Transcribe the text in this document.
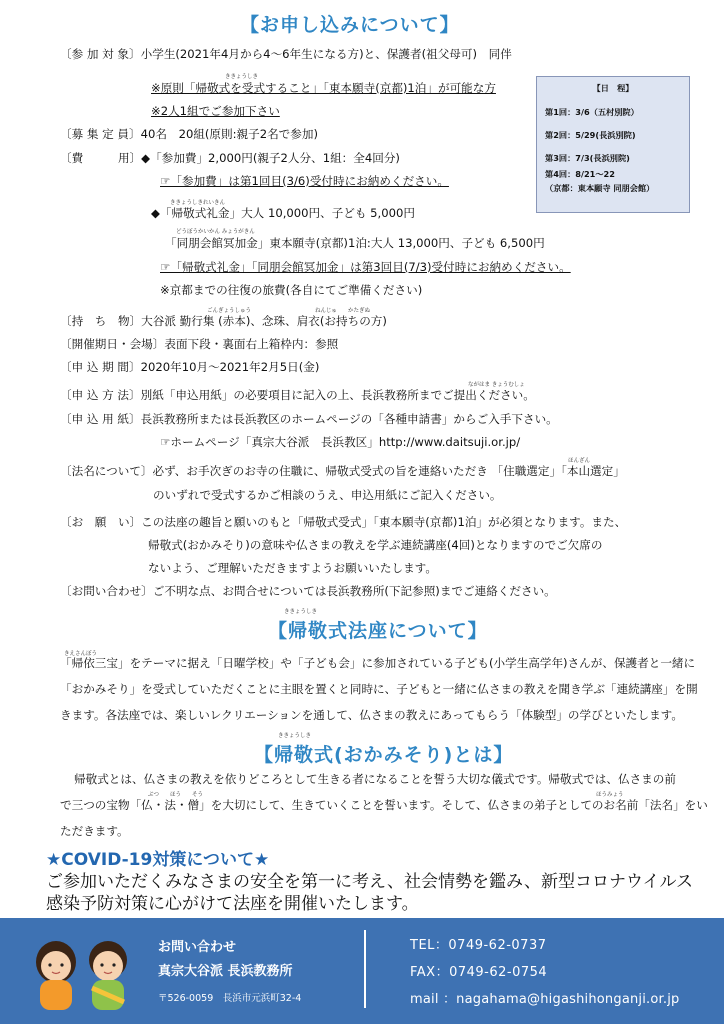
【お申し込みについて】
〔参 加 対 象〕小学生(2021年4月から4～6年生になる方)と、保護者(祖父母可)　同伴
ききょうしき
※原則「帰敬式を受式すること」「東本願寺(京都)1泊」が可能な方
※2人1組でご参加下さい
〔募 集 定 員〕40名　20組(原則:親子2名で参加)
〔費　　　用〕◆「参加費」2,000円(親子2人分、1組：全4回分)
☞「参加費」は第1回目(3/6)受付時にお納めください。
ききょうしきれいきん
◆「帰敬式礼金」大人 10,000円、子ども 5,000円
どうぼうかいかん みょうがきん
「同朋会館冥加金」東本願寺(京都)1泊:大人 13,000円、子ども 6,500円
☞「帰敬式礼金」「同朋会館冥加金」は第3回目(7/3)受付時にお納めください。
※京都までの往復の旅費(各自にてご準備ください)
ごんぎょうしゅう	ねんじゅ　　かたぎぬ
〔持　ち　物〕大谷派 勤行集 (赤本)、念珠、肩衣(お持ちの方)
〔開催期日・会場〕表面下段・裏面右上箱枠内：参照
〔申 込 期 間〕2020年10月～2021年2月5日(金)
ながはま きょうむしょ
〔申 込 方 法〕別紙「申込用紙」の必要項目に記入の上、長浜教務所までご提出ください。
〔申 込 用 紙〕長浜教務所または長浜教区のホームページの「各種申請書」からご入手下さい。
☞ホームページ「真宗大谷派　長浜教区」http://www.daitsuji.or.jp/
ほんざん
〔法名について〕必ず、お手次ぎのお寺の住職に、帰敬式受式の旨を連絡いただき 「住職選定」「本山選定」
のいずれで受式するかご相談のうえ、申込用紙にご記入ください。
〔お　願　い〕この法座の趣旨と願いのもと「帰敬式受式」「東本願寺(京都)1泊」が必須となります。また、
帰敬式(おかみそり)の意味や仏さまの教えを学ぶ連続講座(4回)となりますのでご欠席の
ないよう、ご理解いただきますようお願いいたします。
〔お問い合わせ〕ご不明な点、お問合せについては長浜教務所(下記参照)までご連絡ください。
【日　程】
第1回：3/6（五村別院）
第2回：5/29(長浜別院)
第3回：7/3(長浜別院)
第4回：8/21～22
（京都：東本願寺 同朋会館）
ききょうしき
【帰敬式法座について】
きえさんぼう
「帰依三宝」をテーマに据え「日曜学校」や「子ども会」に参加されている子ども(小学生高学年)さんが、保護者と一緒に
「おかみそり」を受式していただくことに主眼を置くと同時に、子どもと一緒に仏さまの教えを聞き学ぶ「連続講座」を開
きます。各法座では、楽しいレクリエーションを通して、仏さまの教えにあってもらう「体験型」の学びといたします。
ききょうしき
【帰敬式(おかみそり)とは】
ぶつ　　ほう　　そう	ほうみょう
帰敬式とは、仏さまの教えを依りどころとして生きる者になることを誓う大切な儀式です。帰敬式では、仏さまの前
で三つの宝物「仏・法・僧」を大切にして、生きていくことを誓います。そして、仏さまの弟子としてのお名前「法名」をい
ただきます。
★COVID-19対策について★
ご参加いただくみなさまの安全を第一に考え、社会情勢を鑑み、新型コロナウイルス
感染予防対策に心がけて法座を開催いたします。
お問い合わせ
真宗大谷派 長浜教務所
〒526-0059　長浜市元浜町32-4
TEL：0749-62-0737
FAX：0749-62-0754
mail ：nagahama@higashihonganji.or.jp
